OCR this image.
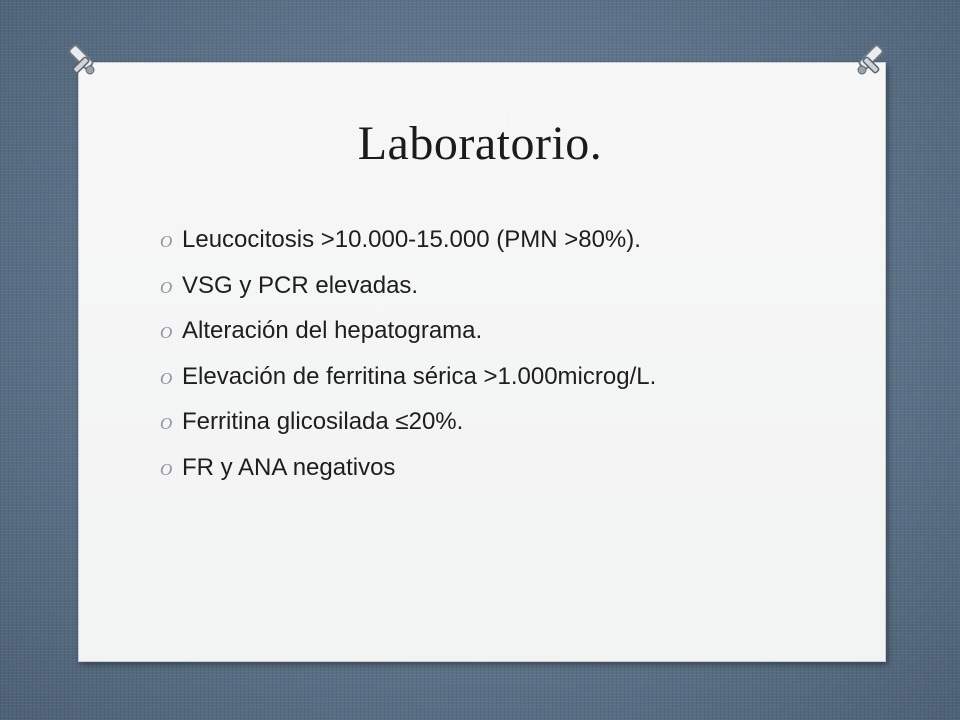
Laboratorio.
O Leucocitosis >10.000-15.000 (PMN >80%).
O VSG y PCR elevadas.
O Alteración del hepatograma.
O Elevación de ferritina sérica >1.000microg/L.
O Ferritina glicosilada ≤20%.
O FR y ANA negativos
